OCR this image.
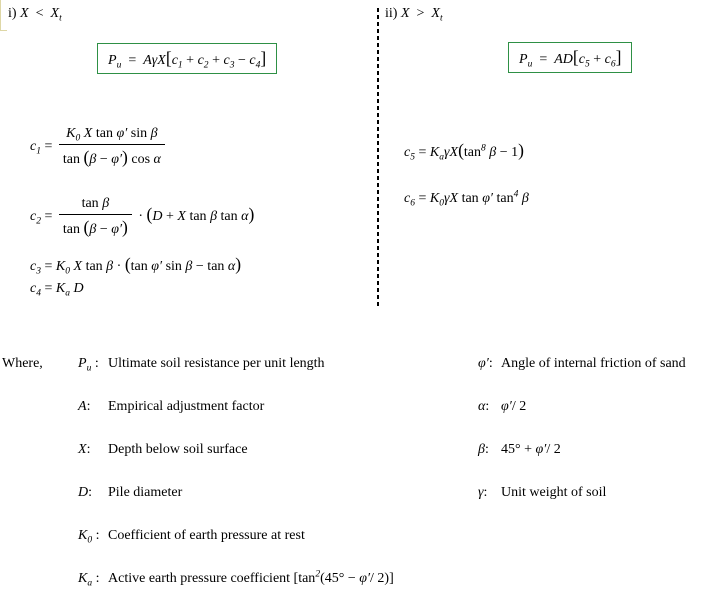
i) $X < X_t$	ii) $X > X_t$
$P_u = A\gamma X[c_1 + c_2 + c_3 - c_4]$	$P_u = AD[c_5 + c_6]$
$c_1 = \frac{K_0 X \tan \varphi' \sin \beta}{\text{tan (β − φ′) cos α}}$
$c_2 = \frac{\text{tan β}}{\tan (\beta - \varphi')} \cdot (D + X$ tan β tan α)
$c_3 = K_0$ X tan β · (tan φ′ sin β − tan α)
$c_4 = K_a$ D
$c_5 = K_a\gamma X(\tan^8$ β − 1)
$c_6 = K_0\gamma X$ tan φ′ $\tan^4 \beta$
Where,	$P_u$ :Ultimate soil resistance per unit length
A:Empirical adjustment factor
X:Depth below soil surface
D:Pile diameter
$K_0$ :Coefficient of earth pressure at rest
$K_a$ :Active earth pressure coefficient [$\tan^2(45^\circ - \varphi'/$ 2)]
φ′:Angle of internal friction of sand
α:φ′/ 2
β:45° + φ′/ 2
γ:Unit weight of soil
